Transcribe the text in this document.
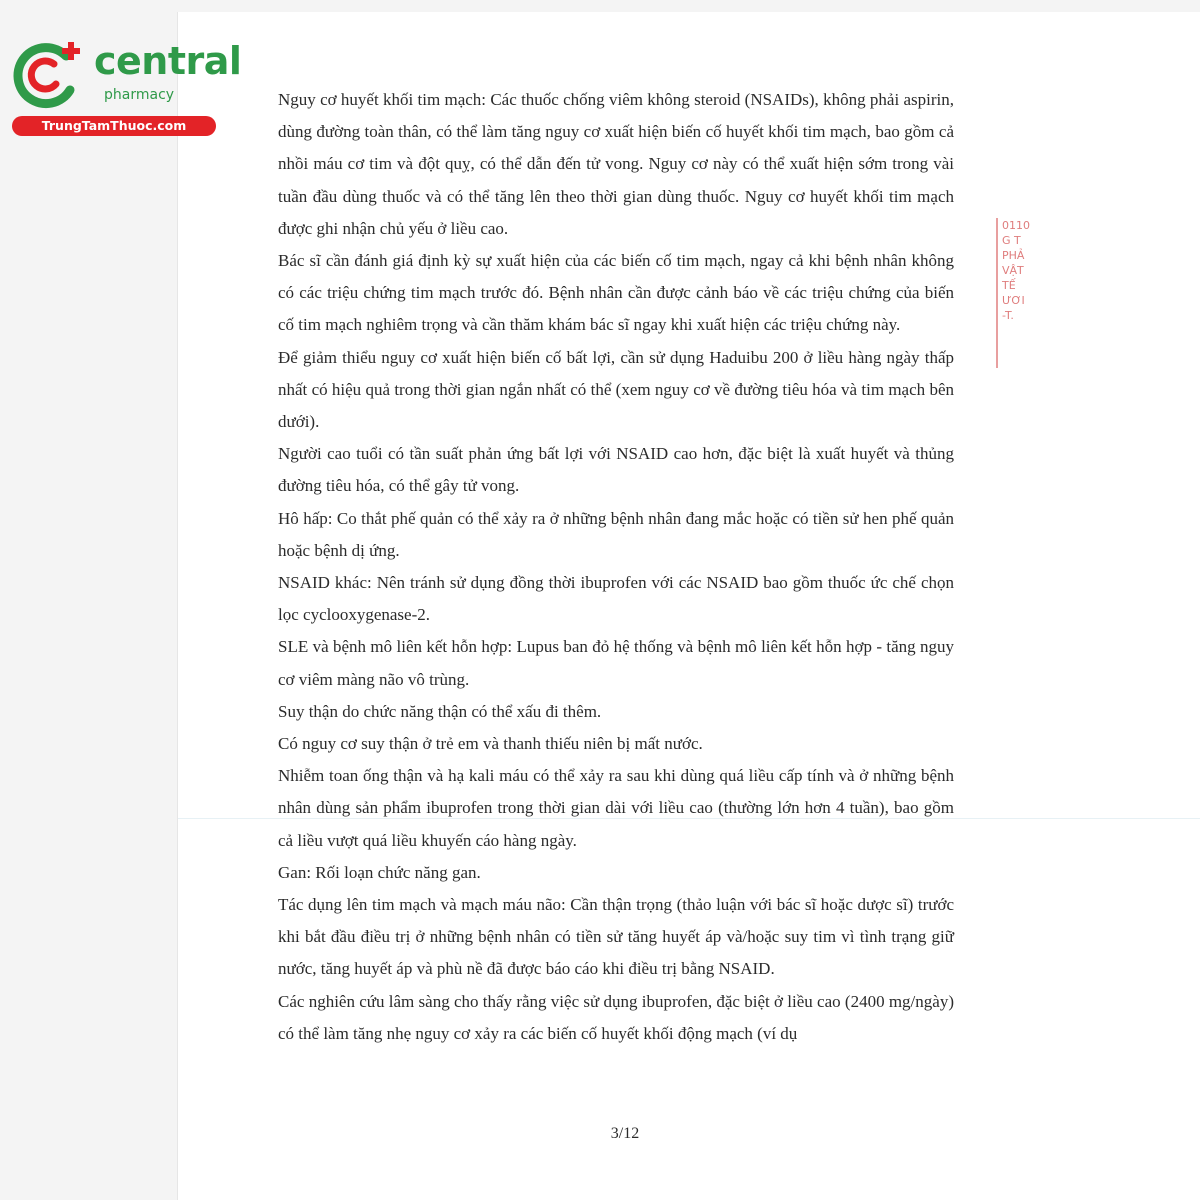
central
pharmacy
TrungTamThuoc.com
0110
G T
PHẢ
VẬT
TẾ
ƯƠI
-T.

Nguy cơ huyết khối tim mạch: Các thuốc chống viêm không steroid (NSAIDs), không phải aspirin, dùng đường toàn thân, có thể làm tăng nguy cơ xuất hiện biến cố huyết khối tim mạch, bao gồm cả nhồi máu cơ tim và đột quỵ, có thể dẫn đến tử vong. Nguy cơ này có thể xuất hiện sớm trong vài tuần đầu dùng thuốc và có thể tăng lên theo thời gian dùng thuốc. Nguy cơ huyết khối tim mạch được ghi nhận chủ yếu ở liều cao.

Bác sĩ cần đánh giá định kỳ sự xuất hiện của các biến cố tim mạch, ngay cả khi bệnh nhân không có các triệu chứng tim mạch trước đó. Bệnh nhân cần được cảnh báo về các triệu chứng của biến cố tim mạch nghiêm trọng và cần thăm khám bác sĩ ngay khi xuất hiện các triệu chứng này.

Để giảm thiểu nguy cơ xuất hiện biến cố bất lợi, cần sử dụng Haduibu 200 ở liều hàng ngày thấp nhất có hiệu quả trong thời gian ngắn nhất có thể (xem nguy cơ về đường tiêu hóa và tim mạch bên dưới).

Người cao tuổi có tần suất phản ứng bất lợi với NSAID cao hơn, đặc biệt là xuất huyết và thủng đường tiêu hóa, có thể gây tử vong.

Hô hấp: Co thắt phế quản có thể xảy ra ở những bệnh nhân đang mắc hoặc có tiền sử hen phế quản hoặc bệnh dị ứng.

NSAID khác: Nên tránh sử dụng đồng thời ibuprofen với các NSAID bao gồm thuốc ức chế chọn lọc cyclooxygenase-2.

SLE và bệnh mô liên kết hỗn hợp: Lupus ban đỏ hệ thống và bệnh mô liên kết hỗn hợp - tăng nguy cơ viêm màng não vô trùng.

Suy thận do chức năng thận có thể xấu đi thêm.

Có nguy cơ suy thận ở trẻ em và thanh thiếu niên bị mất nước.

Nhiễm toan ống thận và hạ kali máu có thể xảy ra sau khi dùng quá liều cấp tính và ở những bệnh nhân dùng sản phẩm ibuprofen trong thời gian dài với liều cao (thường lớn hơn 4 tuần), bao gồm cả liều vượt quá liều khuyến cáo hàng ngày.

Gan: Rối loạn chức năng gan.

Tác dụng lên tim mạch và mạch máu não: Cần thận trọng (thảo luận với bác sĩ hoặc dược sĩ) trước khi bắt đầu điều trị ở những bệnh nhân có tiền sử tăng huyết áp và/hoặc suy tim vì tình trạng giữ nước, tăng huyết áp và phù nề đã được báo cáo khi điều trị bằng NSAID.

Các nghiên cứu lâm sàng cho thấy rằng việc sử dụng ibuprofen, đặc biệt ở liều cao (2400 mg/ngày) có thể làm tăng nhẹ nguy cơ xảy ra các biến cố huyết khối động mạch (ví dụ

3/12
